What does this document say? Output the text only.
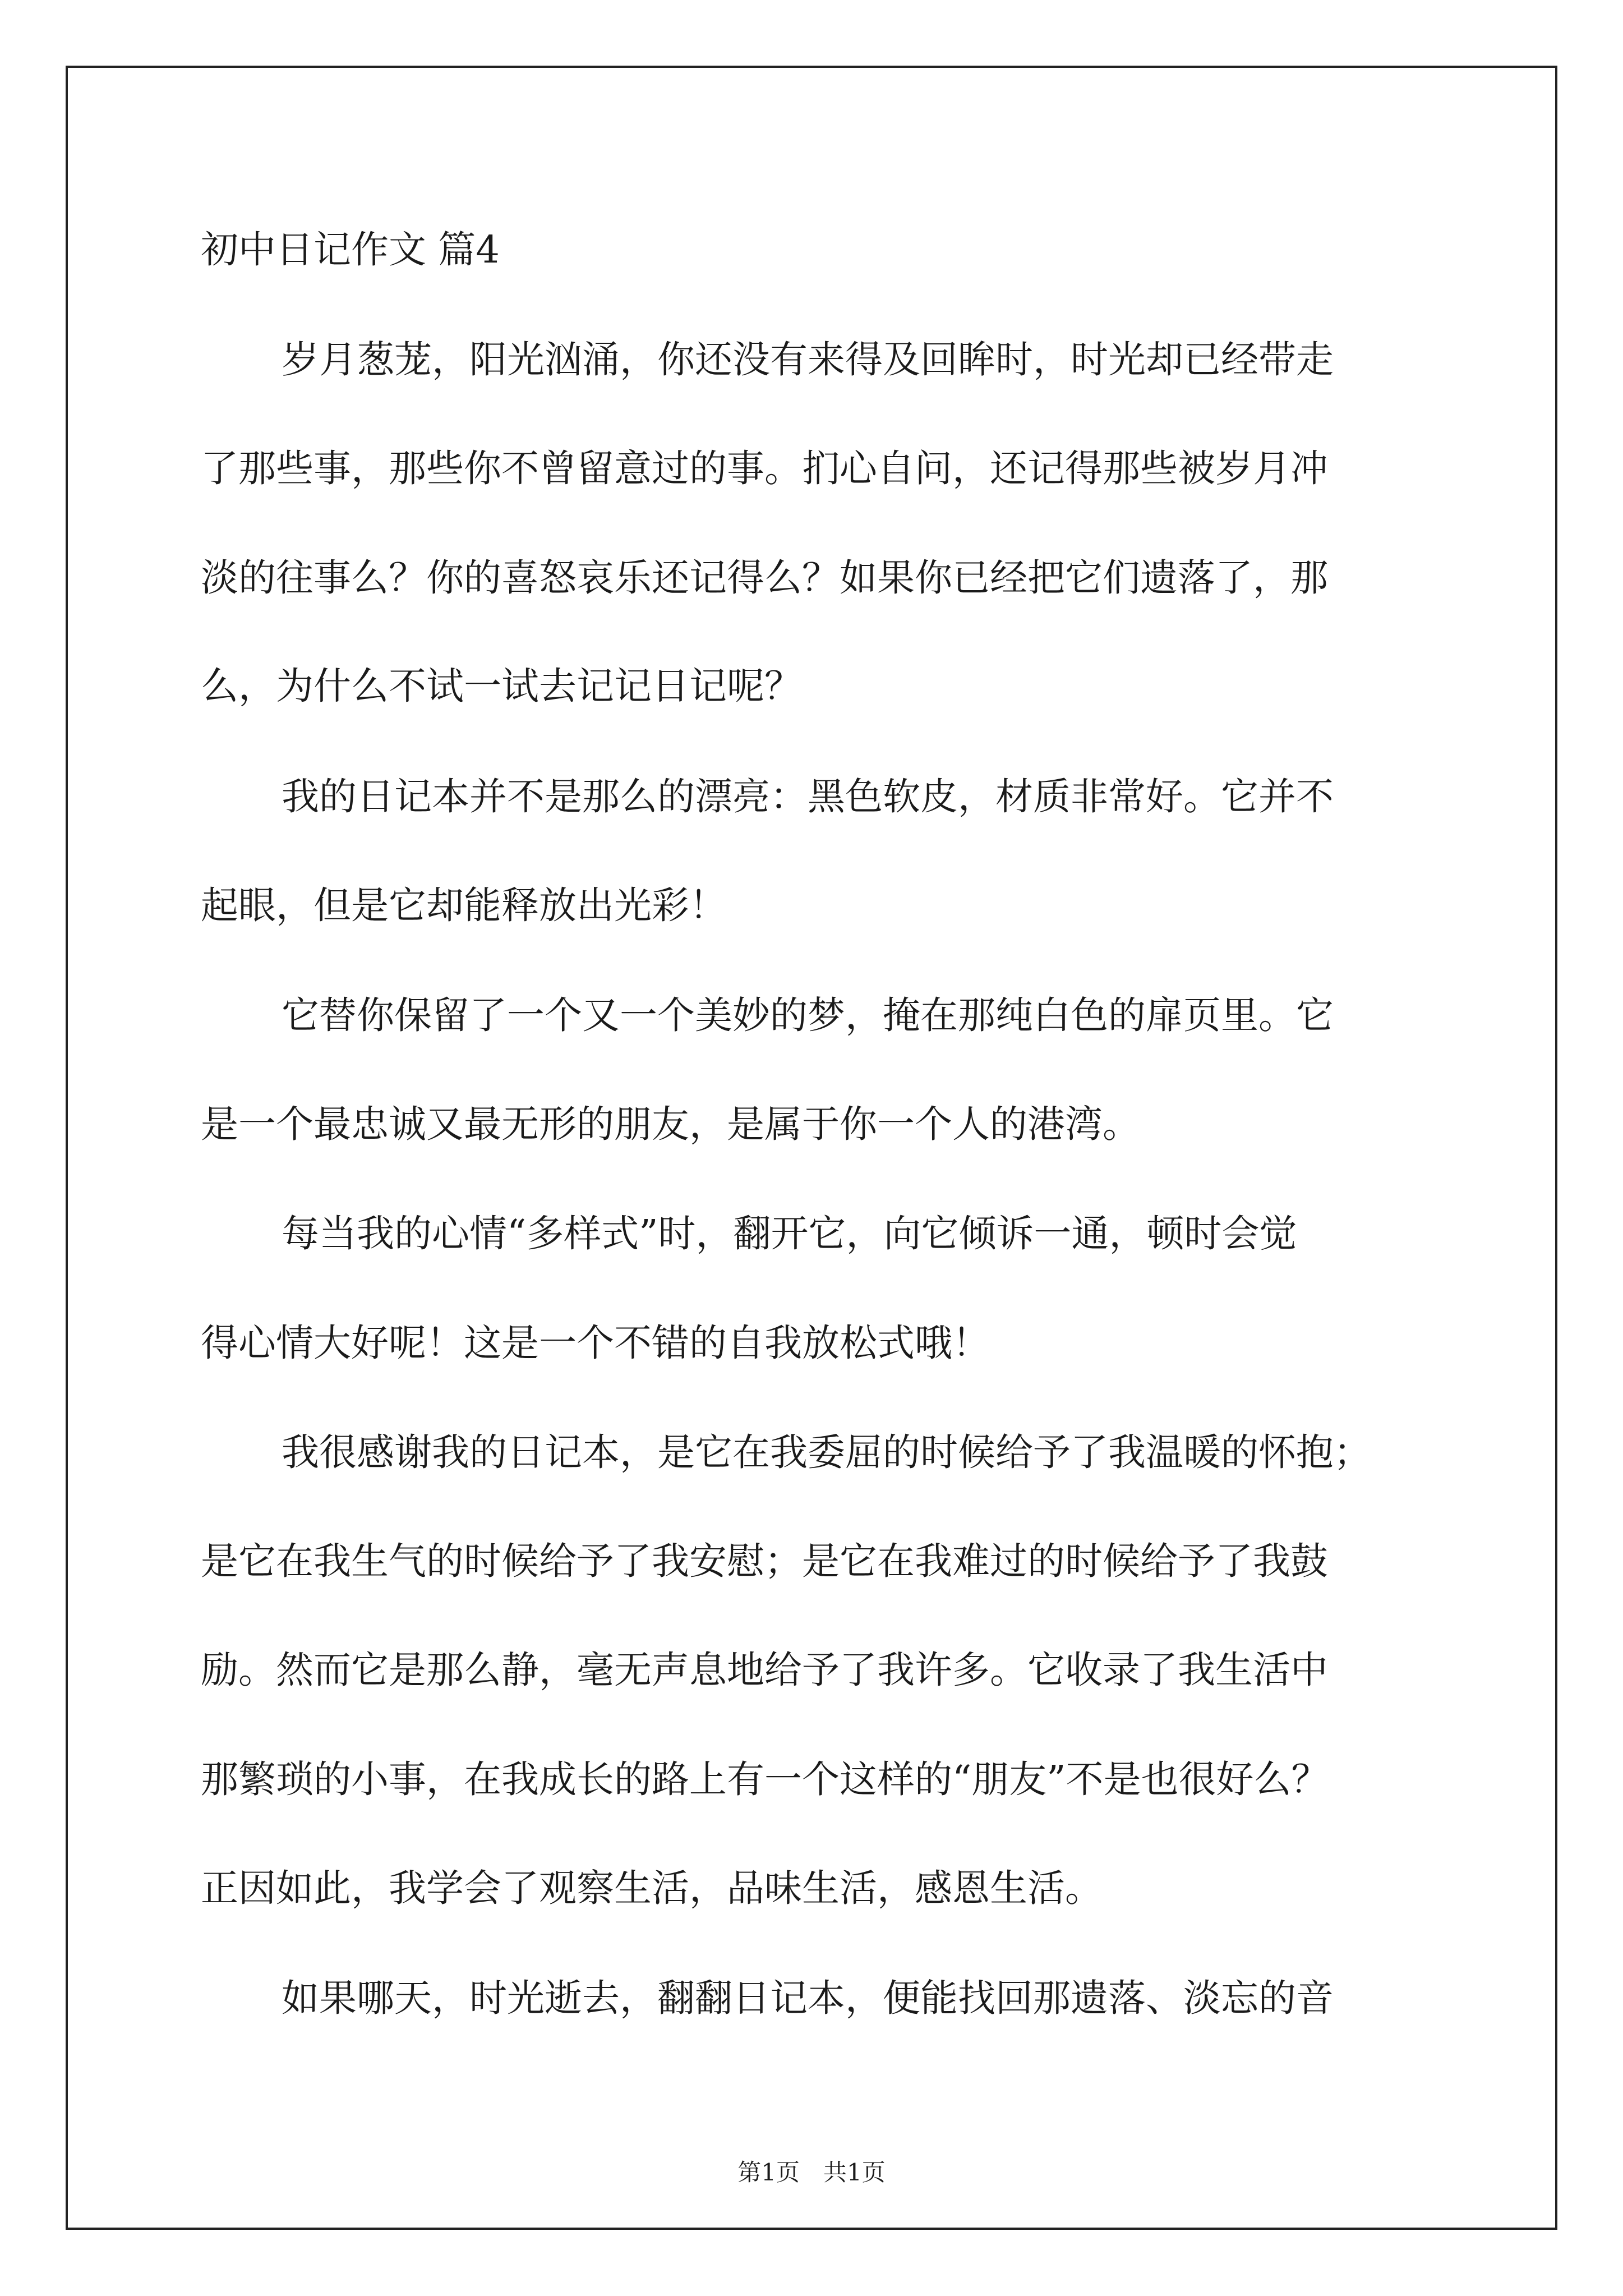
初中日记作文 篇4
岁月葱茏，阳光汹涌，你还没有来得及回眸时，时光却已经带走
了那些事，那些你不曾留意过的事。扪心自问，还记得那些被岁月冲
淡的往事么？你的喜怒哀乐还记得么？如果你已经把它们遗落了，那
么，为什么不试一试去记记日记呢？
我的日记本并不是那么的漂亮：黑色软皮，材质非常好。它并不
起眼，但是它却能释放出光彩！
它替你保留了一个又一个美妙的梦，掩在那纯白色的扉页里。它
是一个最忠诚又最无形的朋友，是属于你一个人的港湾。
每当我的心情“多样式”时，翻开它，向它倾诉一通，顿时会觉
得心情大好呢！这是一个不错的自我放松式哦！
我很感谢我的日记本，是它在我委屈的时候给予了我温暖的怀抱；
是它在我生气的时候给予了我安慰；是它在我难过的时候给予了我鼓
励。然而它是那么静，毫无声息地给予了我许多。它收录了我生活中
那繁琐的小事，在我成长的路上有一个这样的“朋友”不是也很好么？
正因如此，我学会了观察生活，品味生活，感恩生活。
如果哪天，时光逝去，翻翻日记本，便能找回那遗落、淡忘的音
第1页　共1页
